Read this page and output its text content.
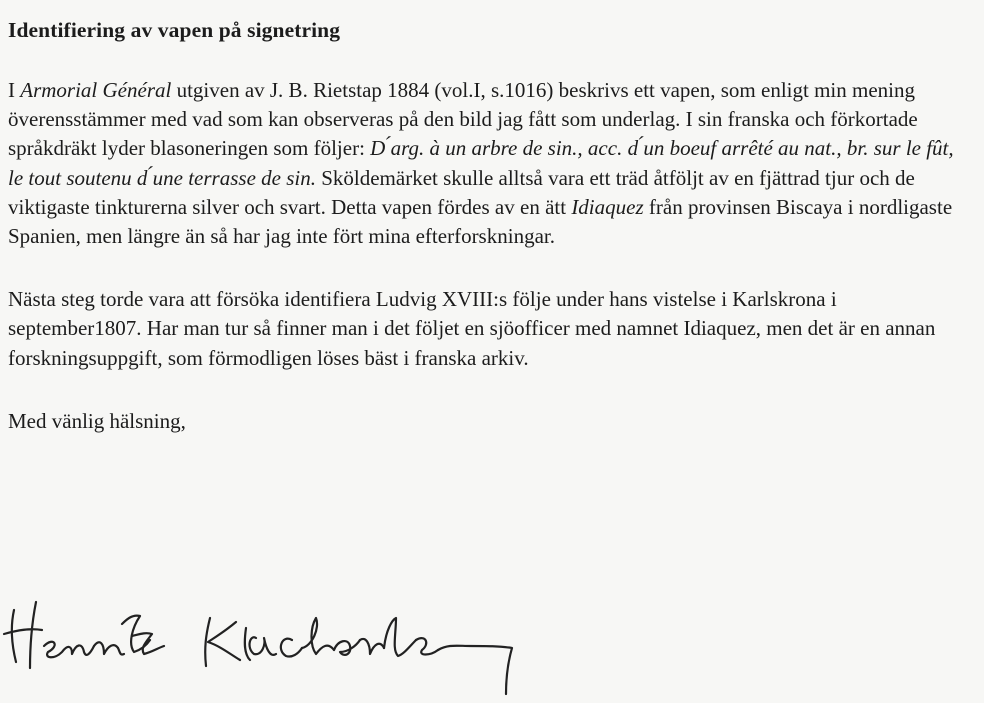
Identifiering av vapen på signetring

I Armorial Général utgiven av J. B. Rietstap 1884 (vol.I, s.1016) beskrivs ett vapen, som enligt min mening överensstämmer med vad som kan observeras på den bild jag fått som underlag. I sin franska och förkortade språkdräkt lyder blasoneringen som följer: D ́arg. à un arbre de sin., acc. d ́un boeuf arrêté au nat., br. sur le fût, le tout soutenu d ́une terrasse de sin. Sköldemärket skulle alltså vara ett träd åtföljt av en fjättrad tjur och de viktigaste tinkturerna silver och svart. Detta vapen fördes av en ätt Idiaquez från provinsen Biscaya i nordligaste Spanien, men längre än så har jag inte fört mina efterforskningar.

Nästa steg torde vara att försöka identifiera Ludvig XVIII:s följe under hans vistelse i Karlskrona i september1807. Har man tur så finner man i det följet en sjöofficer med namnet Idiaquez, men det är en annan forskningsuppgift, som förmodligen löses bäst i franska arkiv.

Med vänlig hälsning,
